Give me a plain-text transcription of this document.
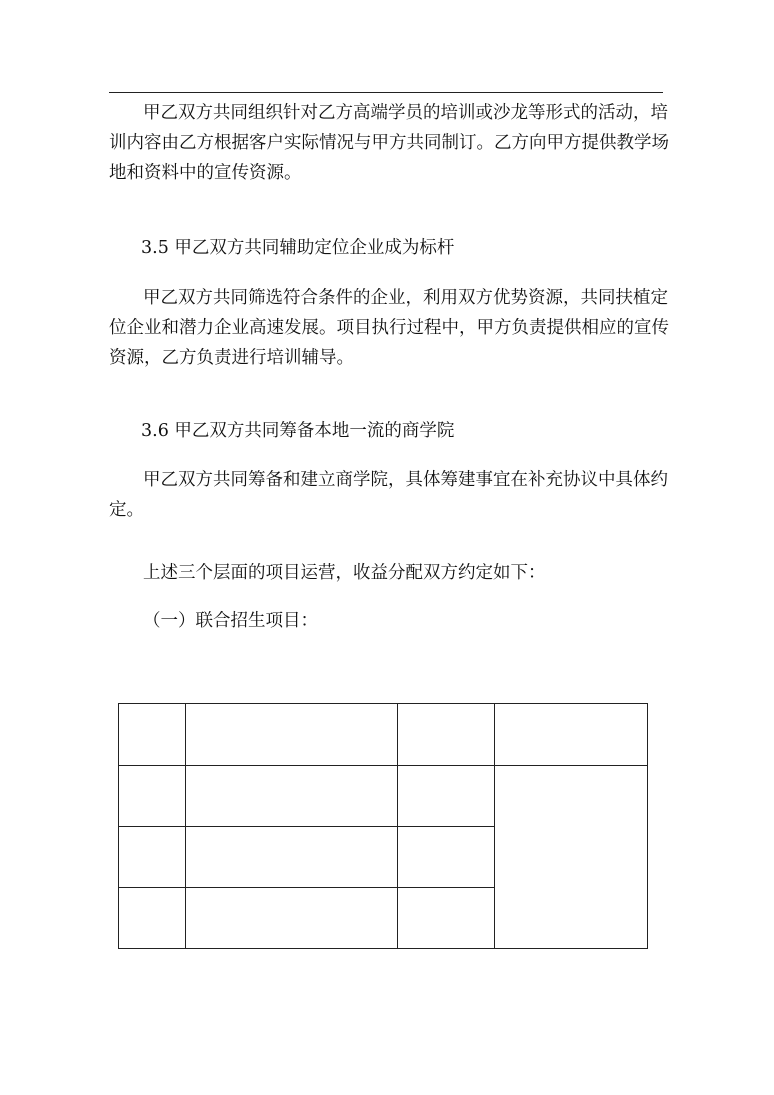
甲乙双方共同组织针对乙方高端学员的培训或沙龙等形式的活动，培训内容由乙方根据客户实际情况与甲方共同制订。乙方向甲方提供教学场地和资料中的宣传资源。

3.5 甲乙双方共同辅助定位企业成为标杆

甲乙双方共同筛选符合条件的企业，利用双方优势资源，共同扶植定位企业和潜力企业高速发展。项目执行过程中，甲方负责提供相应的宣传资源，乙方负责进行培训辅导。

3.6 甲乙双方共同筹备本地一流的商学院

甲乙双方共同筹备和建立商学院，具体筹建事宜在补充协议中具体约定。

上述三个层面的项目运营，收益分配双方约定如下：

（一）联合招生项目：
